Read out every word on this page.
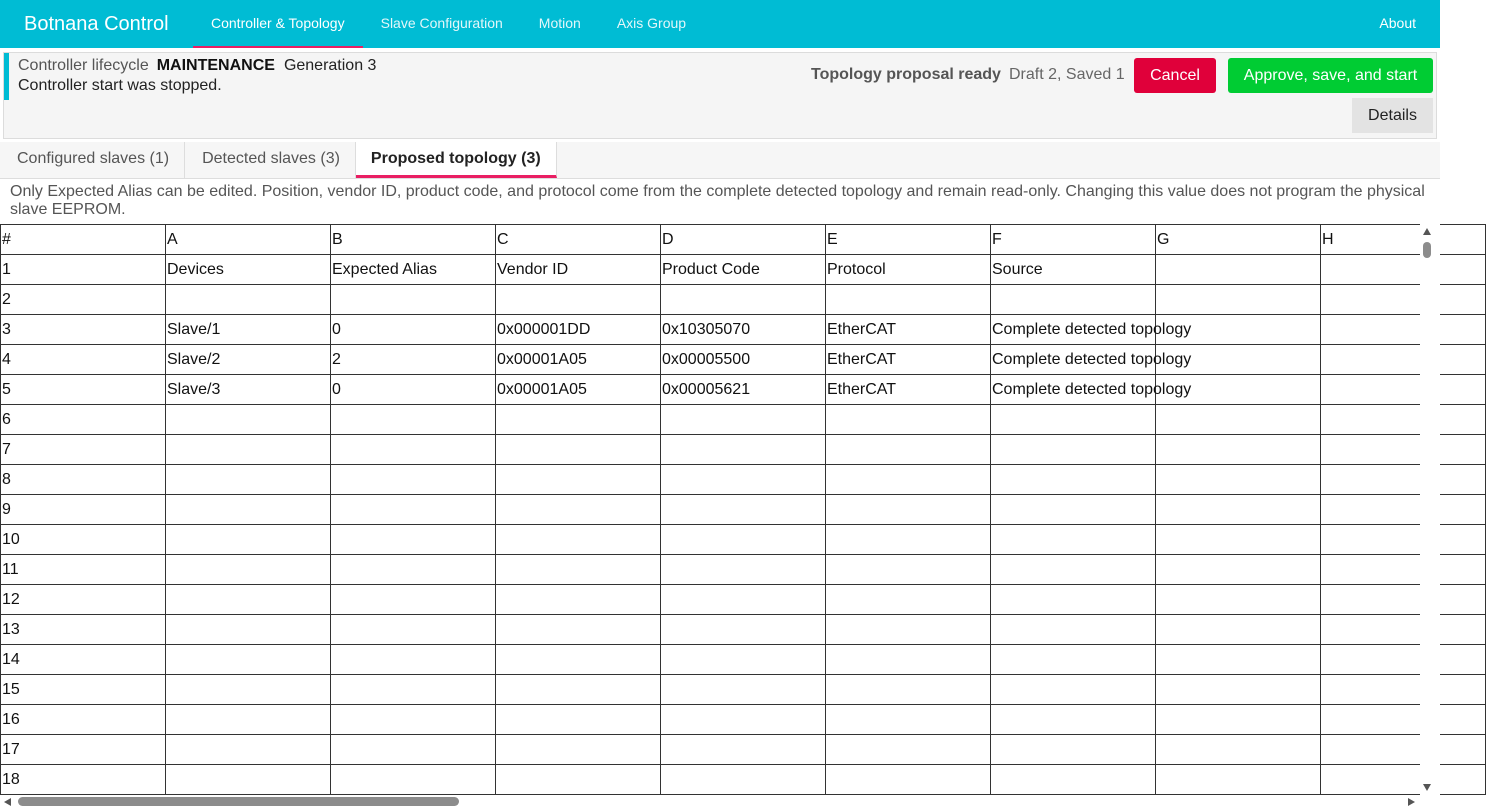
Botnana Control	Controller & Topology	Slave Configuration	Motion	Axis Group	About
Controller lifecycle MAINTENANCE Generation 3
Controller start was stopped.
Topology proposal ready Draft 2, Saved 1	Cancel	Approve, save, and start
Details
Configured slaves (1)	Detected slaves (3)	Proposed topology (3)
Only Expected Alias can be edited. Position, vendor ID, product code, and protocol come from the complete detected topology and remain read-only. Changing this value does not program the physical slave EEPROM.
#	A	B	C	D	E	F	G	H
1	Devices	Expected Alias	Vendor ID	Product Code	Protocol	Source		
2								
3	Slave/1	0	0x000001DD	0x10305070	EtherCAT	Complete detected topology		
4	Slave/2	2	0x00001A05	0x00005500	EtherCAT	Complete detected topology		
5	Slave/3	0	0x00001A05	0x00005621	EtherCAT	Complete detected topology		
6								
7								
8								
9								
10								
11								
12								
13								
14								
15								
16								
17								
18								
